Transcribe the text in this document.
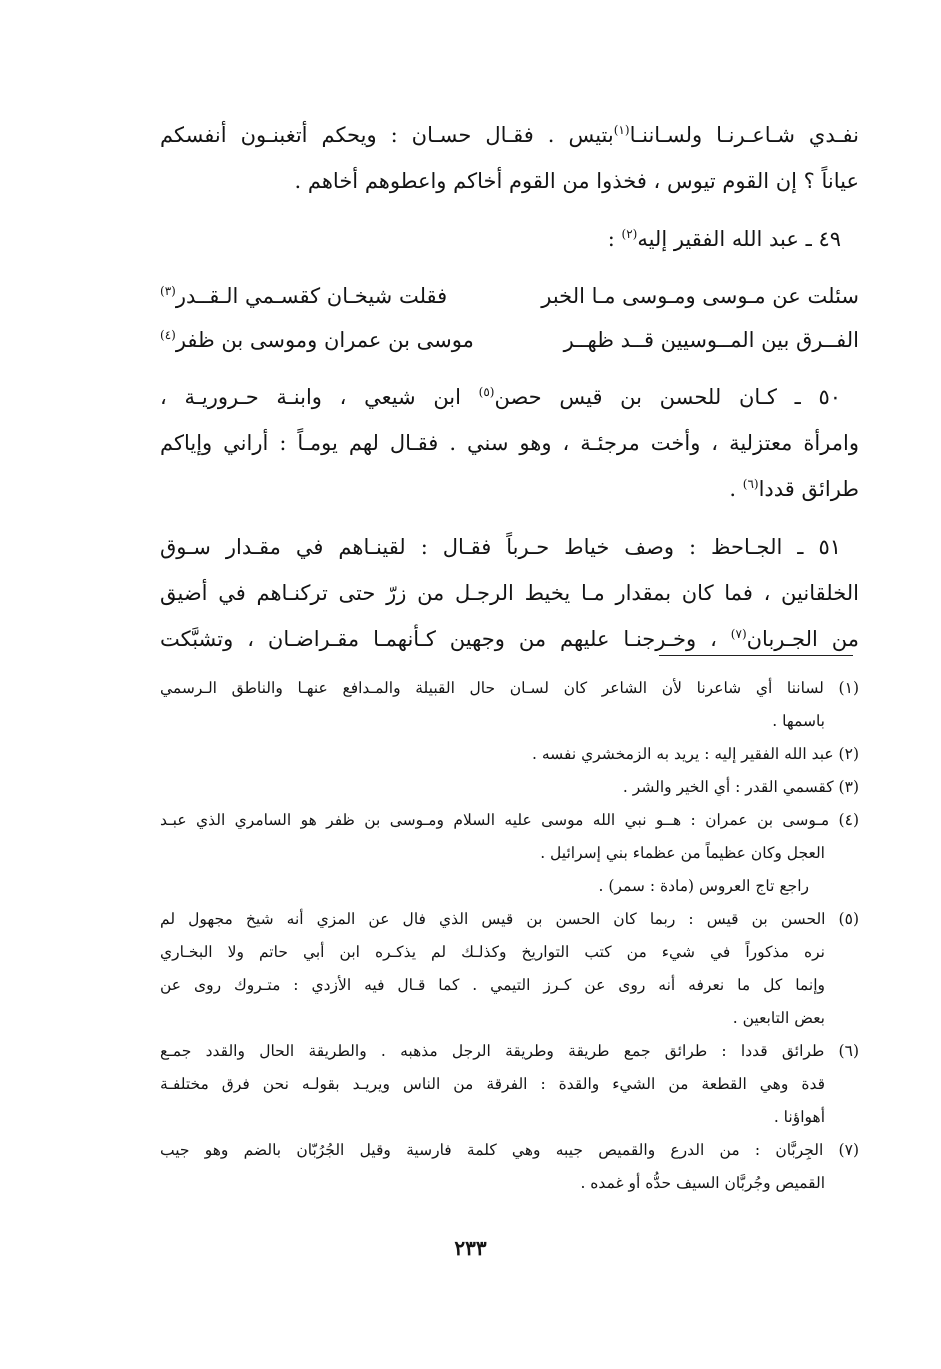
نفـدي شـاعـرنـا ولسـاننـا$^{(١)}$بتيس . فقـال حسـان : ويحكم أتغبنـون أنفسكم
عياناً ؟ إن القوم تيوس ، فخذوا من القوم أخاكم واعطوهم أخاهم .
٤٩ ـ عبد الله الفقير إليه$^{(٢)}$ :
سئلت عن مـوسى ومـوسى مـا الخبر
فقلت شيخـان كقسـمي الـقــدر$^{(٣)}$
الفــرق بين المــوسيين قــد ظهــر
موسى بن عمران وموسى بن ظفر$^{(٤)}$
٥٠ ـ كـان للحسن بن قيس حصن$^{(٥)}$ ابن شيعي ، وابنـة حـروريـة ،
وامرأة معتزلية ، وأخت مرجئـة ، وهو سني . فقـال لهم يومـاً : أراني وإياكم
طرائق قددا$^{(٦)}$ .
٥١ ـ الجـاحظ : وصف خياط حـرباً فقـال : لقينـاهم في مقـدار سـوق
الخلقانين ، فما كان بمقدار مـا يخيط الرجـل من زرّ حتى تركنـاهم في أضيق
من الجـربان$^{(٧)}$ ، وخـرجنـا عليهم من وجهين كـأنهمـا مقـراضـان ، وتشبَّكت
(١) لساننا أي شاعرنا لأن الشاعر كان لسـان حال القبيلة والمـدافع عنهـا والناطق الـرسمي
باسمها .
(٢) عبد الله الفقير إليه : يريد به الزمخشري نفسه .
(٣) كقسمي القدر : أي الخير والشر .
(٤) مـوسى بن عمران : هــو نبي الله موسى عليه السلام ومـوسى بن ظفر هو السامري الذي عبـد
العجل وكان عظيماً من عظماء بني إسرائيل .
راجع تاج العروس (مادة : سمر) .
(٥) الحسن بن قيس : ربما كان الحسن بن قيس الذي فال عن المزي أنه شيخ مجهول لم
نره مذكوراً في شيء من كتب التواريخ وكذلـك لم يذكـره ابن أبي حاتم ولا البخـاري
وإنما كل ما نعرفه أنه روى عن كـرز التيمي . كما قـال فيه الأزدي : متـروك روى عن
بعض التابعين .
(٦) طرائق قددا : طرائق جمع طريقة وطريقة الرجل مذهبه . والطريقة الحال والقدد جمـع
قدة وهي القطعة من الشيء والقدة : الفرقة من الناس ويريـد بقولـه نحن فرق مختلفـة
أهواؤنا .
(٧) الجِربَّان : من الدرع والقميص جيبه وهي كلمة فارسية وقيل الجُرُبّان بالضم وهو جيب
القميص وجُربَّان السيف حدُّه أو غمده .
٢٣٣
